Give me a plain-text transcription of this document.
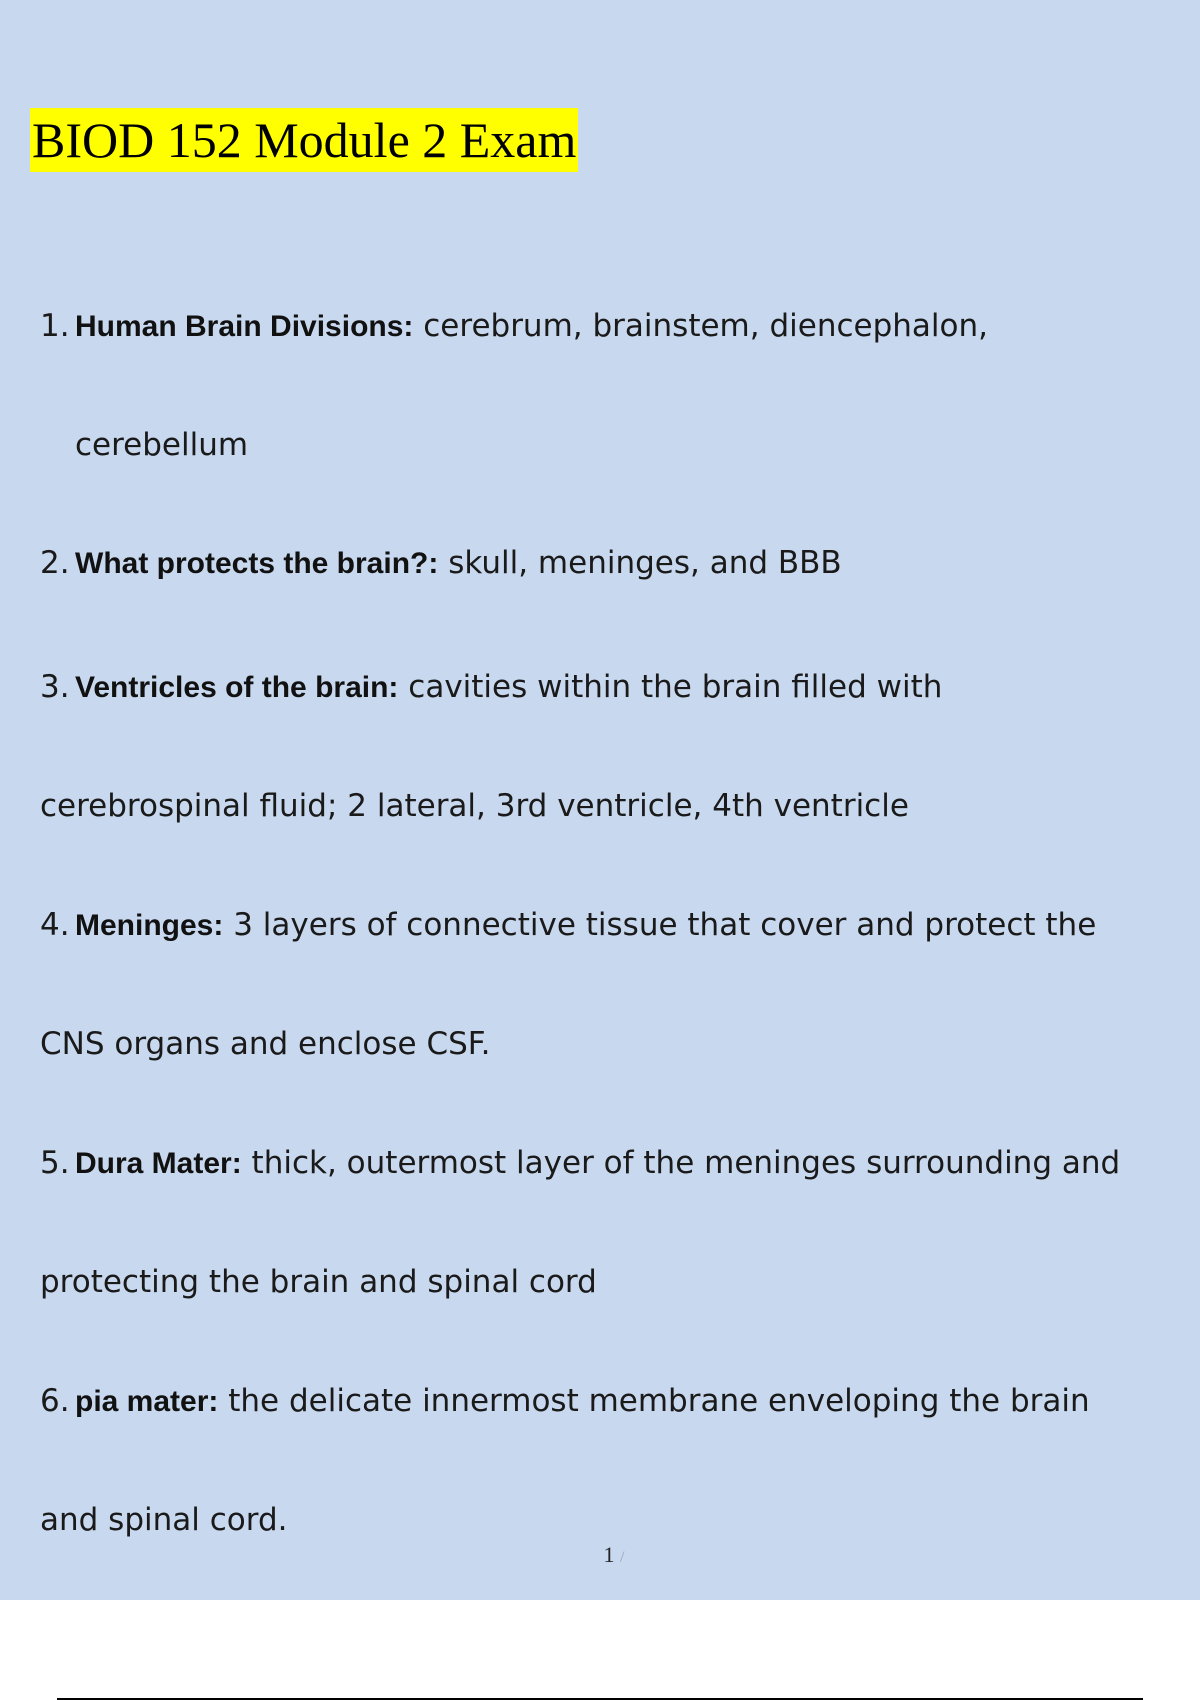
BIOD 152 Module 2 Exam
1. Human Brain Divisions: cerebrum, brainstem, diencephalon,
cerebellum
2. What protects the brain?: skull, meninges, and BBB
3. Ventricles of the brain: cavities within the brain filled with
cerebrospinal fluid; 2 lateral, 3rd ventricle, 4th ventricle
4. Meninges: 3 layers of connective tissue that cover and protect the
CNS organs and enclose CSF.
5. Dura Mater: thick, outermost layer of the meninges surrounding and
protecting the brain and spinal cord
6. pia mater: the delicate innermost membrane enveloping the brain
and spinal cord.
1 /
